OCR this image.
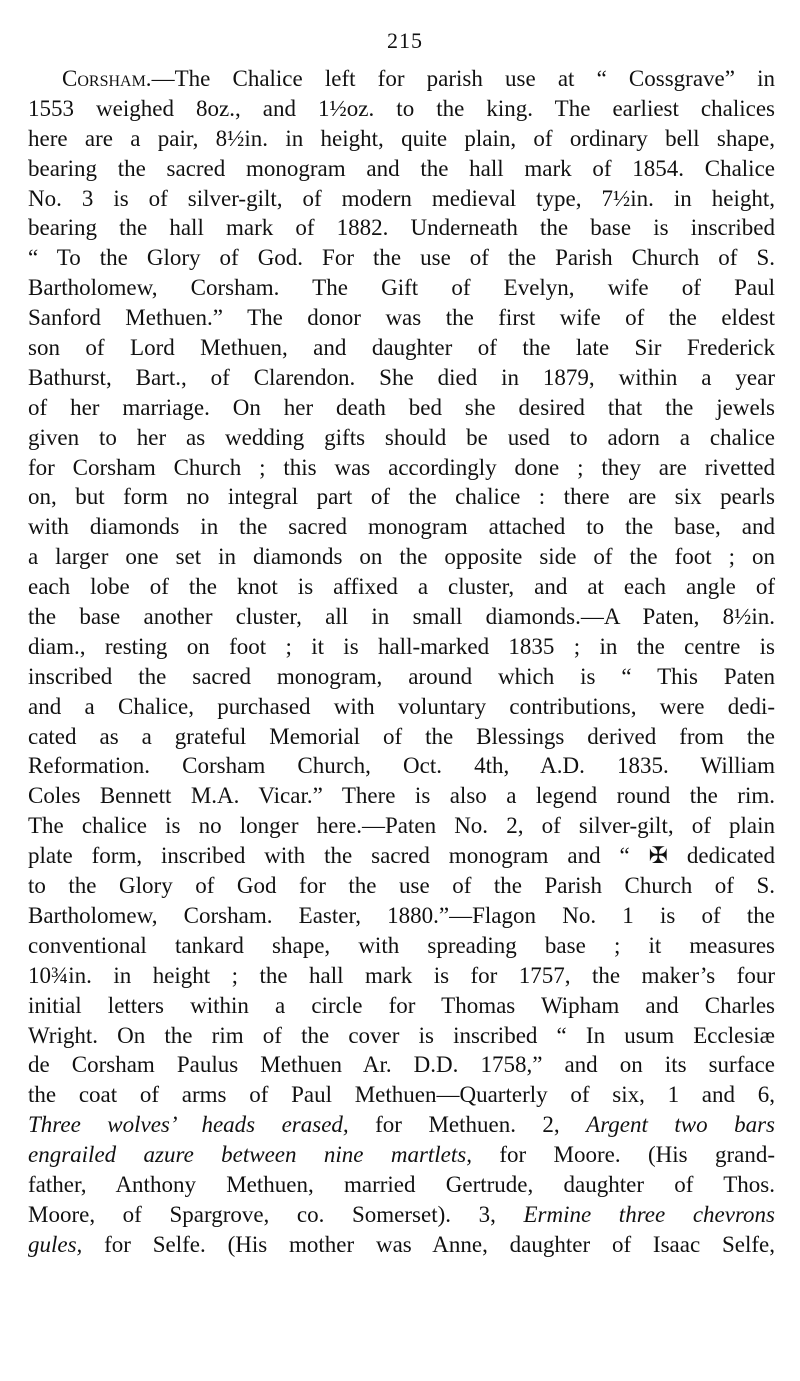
215
Corsham.—The Chalice left for parish use at “ Cossgrave” in
1553 weighed 8oz., and 1½oz. to the king. The earliest chalices
here are a pair, 8½in. in height, quite plain, of ordinary bell shape,
bearing the sacred monogram and the hall mark of 1854. Chalice
No. 3 is of silver-gilt, of modern medieval type, 7½in. in height,
bearing the hall mark of 1882. Underneath the base is inscribed
“ To the Glory of God. For the use of the Parish Church of S.
Bartholomew, Corsham. The Gift of Evelyn, wife of Paul
Sanford Methuen.” The donor was the first wife of the eldest
son of Lord Methuen, and daughter of the late Sir Frederick
Bathurst, Bart., of Clarendon. She died in 1879, within a year
of her marriage. On her death bed she desired that the jewels
given to her as wedding gifts should be used to adorn a chalice
for Corsham Church ; this was accordingly done ; they are rivetted
on, but form no integral part of the chalice : there are six pearls
with diamonds in the sacred monogram attached to the base, and
a larger one set in diamonds on the opposite side of the foot ; on
each lobe of the knot is affixed a cluster, and at each angle of
the base another cluster, all in small diamonds.—A Paten, 8½in.
diam., resting on foot ; it is hall-marked 1835 ; in the centre is
inscribed the sacred monogram, around which is “ This Paten
and a Chalice, purchased with voluntary contributions, were dedi-
cated as a grateful Memorial of the Blessings derived from the
Reformation. Corsham Church, Oct. 4th, A.D. 1835. William
Coles Bennett M.A. Vicar.” There is also a legend round the rim.
The chalice is no longer here.—Paten No. 2, of silver-gilt, of plain
plate form, inscribed with the sacred monogram and “ ✠ dedicated
to the Glory of God for the use of the Parish Church of S.
Bartholomew, Corsham. Easter, 1880.”—Flagon No. 1 is of the
conventional tankard shape, with spreading base ; it measures
10¾in. in height ; the hall mark is for 1757, the maker’s four
initial letters within a circle for Thomas Wipham and Charles
Wright. On the rim of the cover is inscribed “ In usum Ecclesiæ
de Corsham Paulus Methuen Ar. D.D. 1758,” and on its surface
the coat of arms of Paul Methuen—Quarterly of six, 1 and 6,
Three wolves’ heads erased, for Methuen. 2, Argent two bars
engrailed azure between nine martlets, for Moore. (His grand-
father, Anthony Methuen, married Gertrude, daughter of Thos.
Moore, of Spargrove, co. Somerset). 3, Ermine three chevrons
gules, for Selfe. (His mother was Anne, daughter of Isaac Selfe,
